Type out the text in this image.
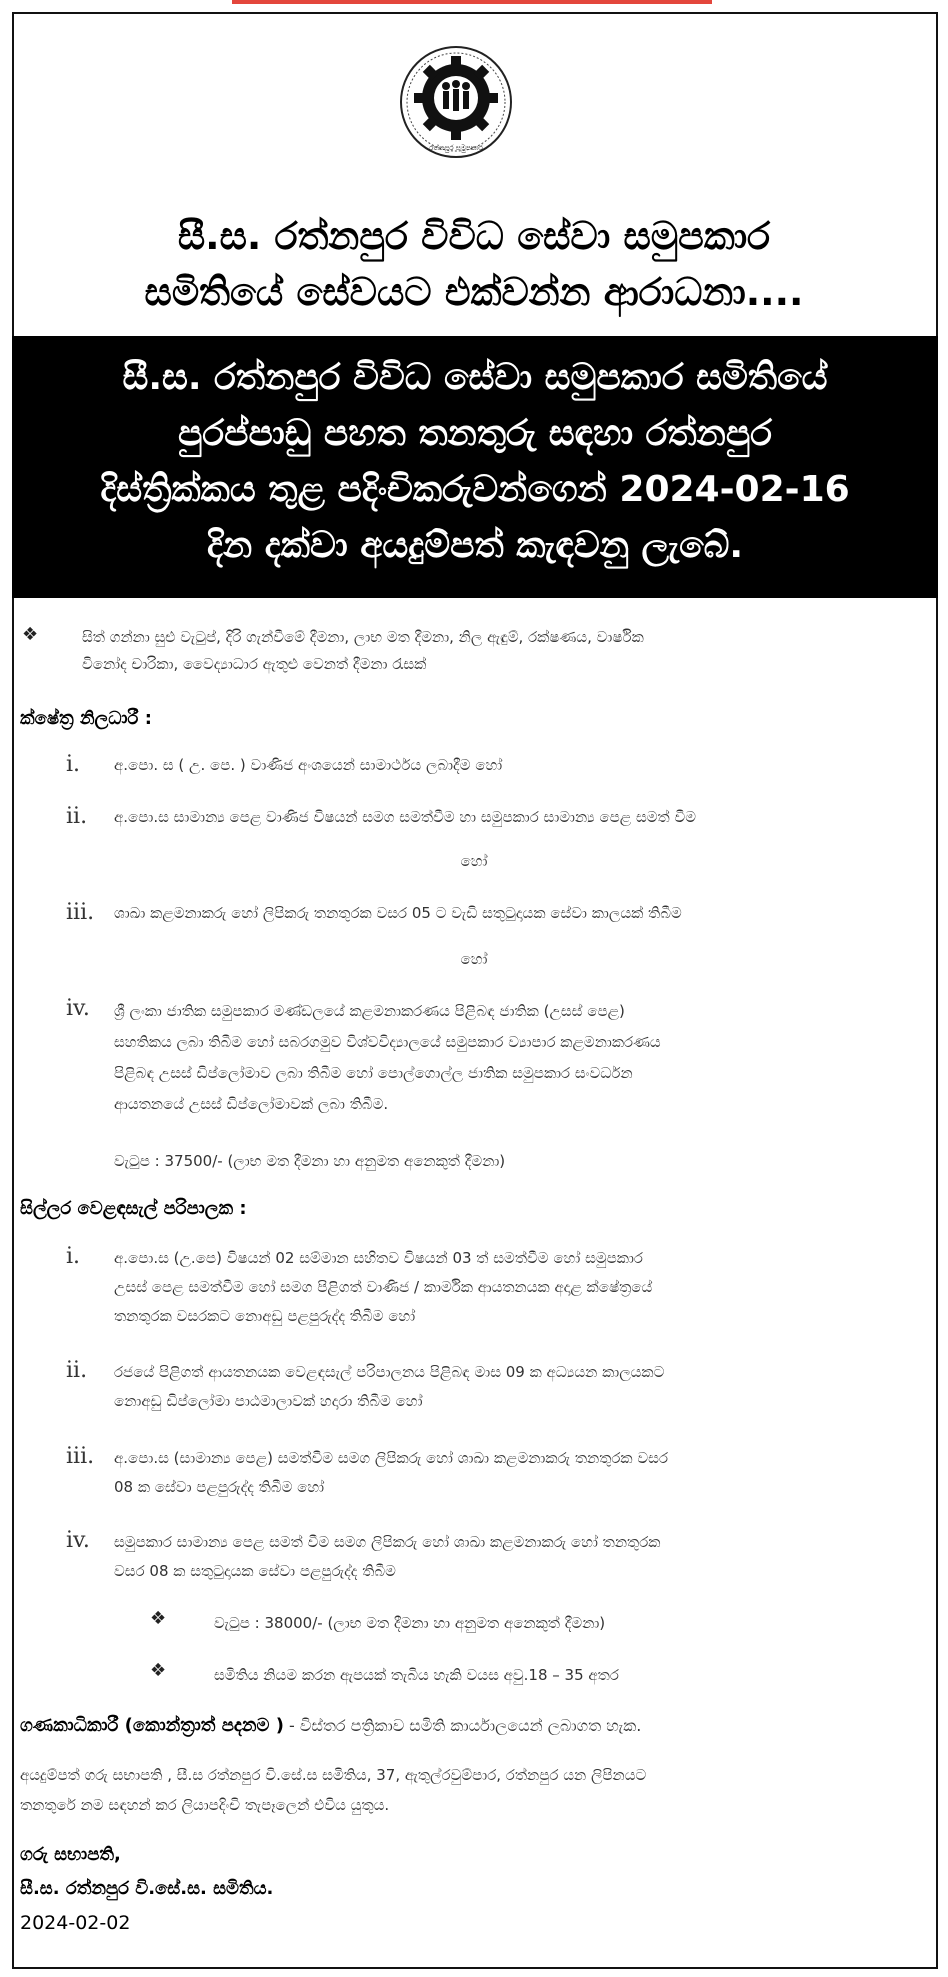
රත්නපුර සමුපකාර
සී.ස. රත්නපුර විවිධ සේවා සමුපකාර
සමිතියේ සේවයට එක්වන්න ආරාධනා....
සී.ස. රත්නපුර විවිධ සේවා සමුපකාර සමිතියේ
පුරප්පාඩු පහත තනතුරු සඳහා රත්නපුර
දිස්ත්‍රික්කය තුළ පදිංචිකරුවන්ගෙන් 2024-02-16
දින දක්වා අයදුම්පත් කැඳවනු ලැබේ.
❖	සිත් ගන්නා සුළු වැටුප්, දිරි ගැන්වීමේ දීමනා, ලාභ මත දීමනා, නිල ඇඳුම්, රක්ෂණය, වාර්ෂික
විනෝද චාරිකා, වෛද්‍යාධාර ඇතුළු වෙනත් දීමනා රැසක්
ක්ෂේත්‍ර නිලධාරී :
i. අ.පො. ස ( උ. පෙ. ) වාණිජ අංශයෙන් සාමාර්ථය ලබාදීම හෝ
ii. අ.පො.ස සාමාන්‍ය පෙළ වාණිජ විෂයන් සමග සමත්වීම හා සමුපකාර සාමාන්‍ය පෙළ සමත් වීම
හෝ
iii. ශාඛා කළමනාකරු හෝ ලිපිකරු තනතුරක වසර 05 ට වැඩි සතුටුදායක සේවා කාලයක් තිබීම
හෝ
iv. ශ්‍රී ලංකා ජාතික සමුපකාර මණ්ඩලයේ කළමනාකරණය පිළිබඳ ජාතික (උසස් පෙළ)
සහතිකය ලබා තිබීම හෝ සබරගමුව විශ්වවිද්‍යාලයේ සමුපකාර ව්‍යාපාර කළමනාකරණය
පිළිබඳ උසස් ඩිප්ලෝමාව ලබා තිබීම හෝ පොල්ගොල්ල ජාතික සමුපකාර සංවර්ධන
ආයතනයේ උසස් ඩිප්ලෝමාවක් ලබා තිබීම.
වැටුප : 37500/- (ලාභ මත දීමනා හා අනුමත අනෙකුත් දීමනා)
සිල්ලර වෙළඳසැල් පරිපාලක :
i. අ.පො.ස (උ.පෙ) විෂයන් 02 සම්මාන සහිතව විෂයන් 03 ත් සමත්වීම හෝ සමුපකාර
උසස් පෙළ සමත්වීම හෝ සමග පිළිගත් වාණිජ / කාර්මික ආයතනයක අදාළ ක්ෂේත්‍රයේ
තනතුරක වසරකට නොඅඩු පළපුරුද්ද තිබීම හෝ
ii. රජයේ පිළිගත් ආයතනයක වෙළඳසැල් පරිපාලනය පිළිබඳ මාස 09 ක අධ්‍යයන කාලයකට
නොඅඩු ඩිප්ලෝමා පාඨමාලාවක් හදාරා තිබීම හෝ
iii. අ.පො.ස (සාමාන්‍ය පෙළ) සමත්වීම සමග ලිපිකරු හෝ ශාඛා කළමනාකරු තනතුරක වසර
08 ක සේවා පළපුරුද්ද තිබීම හෝ
iv. සමුපකාර සාමාන්‍ය පෙළ සමත් වීම සමග ලිපිකරු හෝ ශාඛා කළමනාකරු හෝ තනතුරක
වසර 08 ක සතුටුදායක සේවා පළපුරුද්ද තිබීම
❖	වැටුප : 38000/- (ලාභ මත දීමනා හා අනුමත අනෙකුත් දීමනා)
❖	සමිතිය නියම කරන ඇපයක් තැබිය හැකි වයස අවු.18 – 35 අතර
ගණකාධිකාරී (කොන්ත්‍රාත් පදනම ) - විස්තර පත්‍රිකාව සමිති කාර්යාලයෙන් ලබාගත හැක.
අයදුම්පත් ගරු සභාපති , සී.ස රත්නපුර වි.සේ.ස සමිතිය, 37, ඇතුල්රවුම්පාර, රත්නපුර යන ලිපිනයට
තනතුරේ නම සඳහන් කර ලියාපදිංචි තැපෑලෙන් එවිය යුතුය.
ගරු සභාපති,
සී.ස. රත්නපුර වි.සේ.ස. සමිතිය.
2024-02-02
